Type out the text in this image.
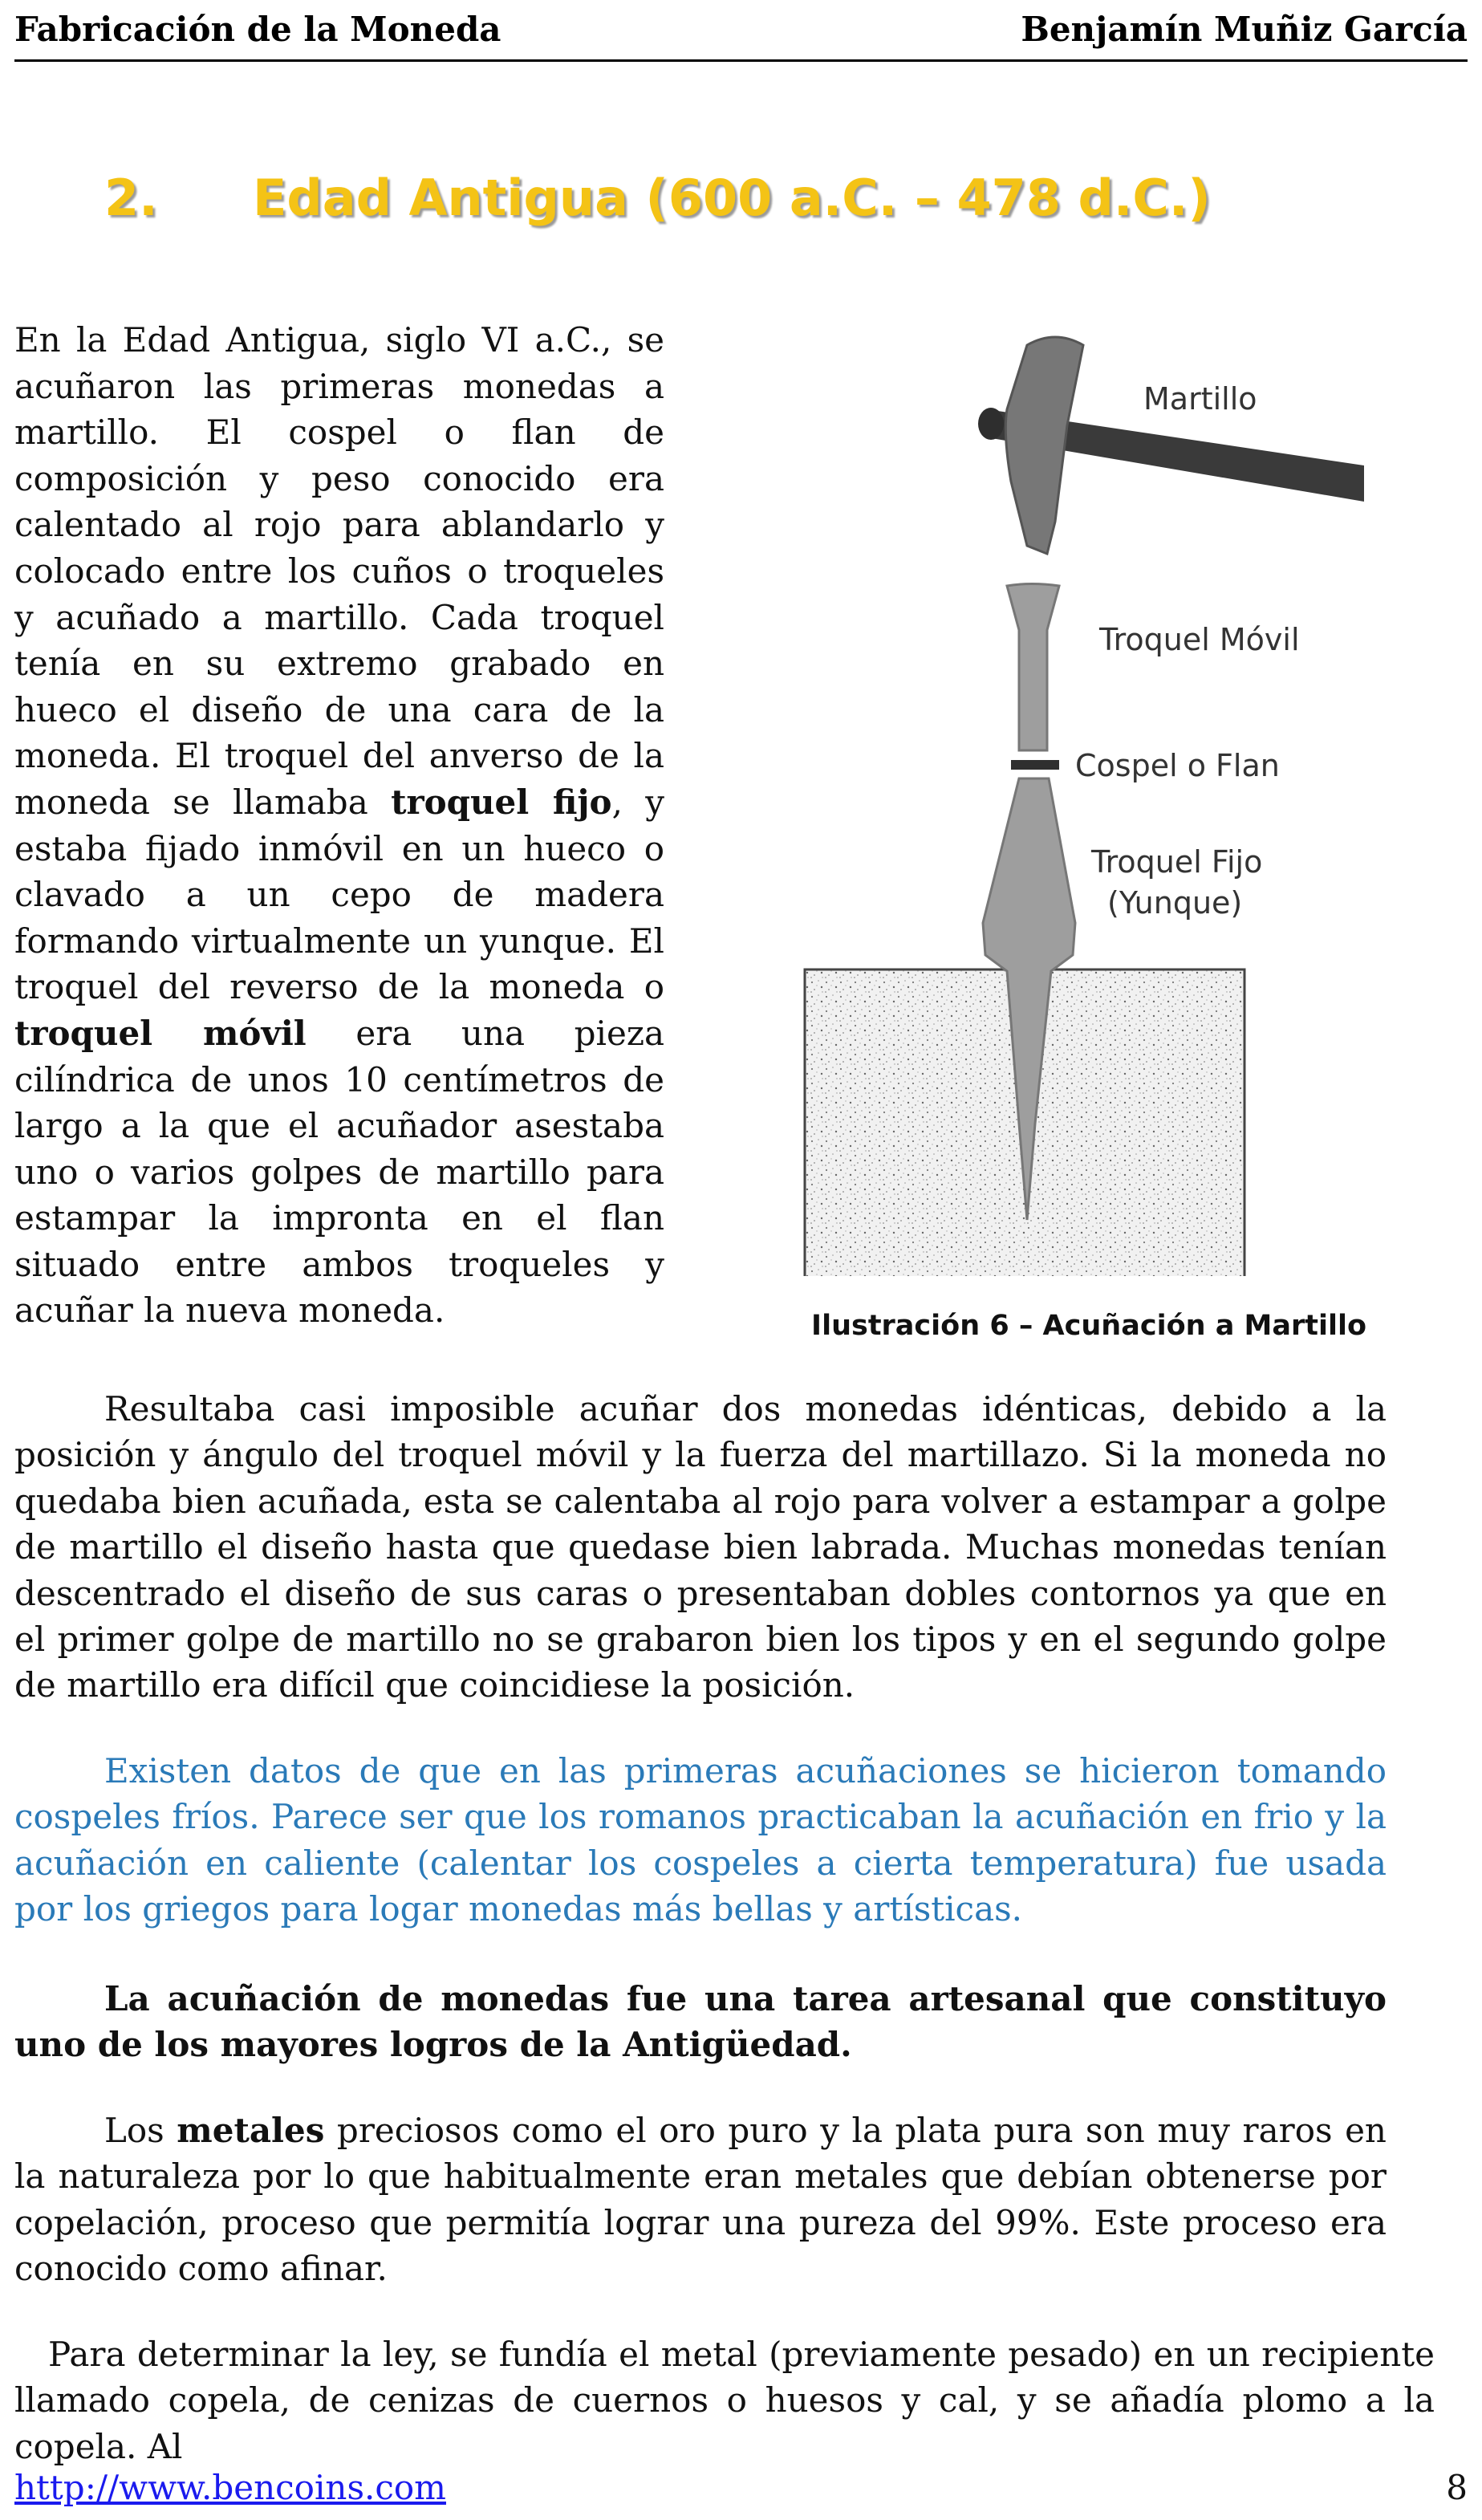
Fabricación de la Moneda	Benjamín Muñiz García
2. Edad Antigua (600 a.C. – 478 d.C.)
En la Edad Antigua, siglo VI a.C., se acuñaron las primeras monedas a martillo. El cospel o flan de composición y peso conocido era calentado al rojo para ablandarlo y colocado entre los cuños o troqueles y acuñado a martillo. Cada troquel tenía en su extremo grabado en hueco el diseño de una cara de la moneda. El troquel del anverso de la moneda se llamaba troquel fijo, y estaba fijado inmóvil en un hueco o clavado a un cepo de madera formando virtualmente un yunque. El troquel del reverso de la moneda o troquel móvil era una pieza cilíndrica de unos 10 centímetros de largo a la que el acuñador asestaba uno o varios golpes de martillo para estampar la impronta en el flan situado entre ambos troqueles y acuñar la nueva moneda.
Martillo
Troquel Móvil
Cospel o Flan
Troquel Fijo
(Yunque)
Ilustración 6 – Acuñación a Martillo
Resultaba casi imposible acuñar dos monedas idénticas, debido a la posición y ángulo del troquel móvil y la fuerza del martillazo. Si la moneda no quedaba bien acuñada, esta se calentaba al rojo para volver a estampar a golpe de martillo el diseño hasta que quedase bien labrada. Muchas monedas tenían descentrado el diseño de sus caras o presentaban dobles contornos ya que en el primer golpe de martillo no se grabaron bien los tipos y en el segundo golpe de martillo era difícil que coincidiese la posición.
Existen datos de que en las primeras acuñaciones se hicieron tomando cospeles fríos. Parece ser que los romanos practicaban la acuñación en frio y la acuñación en caliente (calentar los cospeles a cierta temperatura) fue usada por los griegos para logar monedas más bellas y artísticas.
La acuñación de monedas fue una tarea artesanal que constituyo uno de los mayores logros de la Antigüedad.
Los metales preciosos como el oro puro y la plata pura son muy raros en la naturaleza por lo que habitualmente eran metales que debían obtenerse por copelación, proceso que permitía lograr una pureza del 99%. Este proceso era conocido como afinar.
Para determinar la ley, se fundía el metal (previamente pesado) en un recipiente llamado copela, de cenizas de cuernos o huesos y cal, y se añadía plomo a la copela. Al
http://www.bencoins.com	8
